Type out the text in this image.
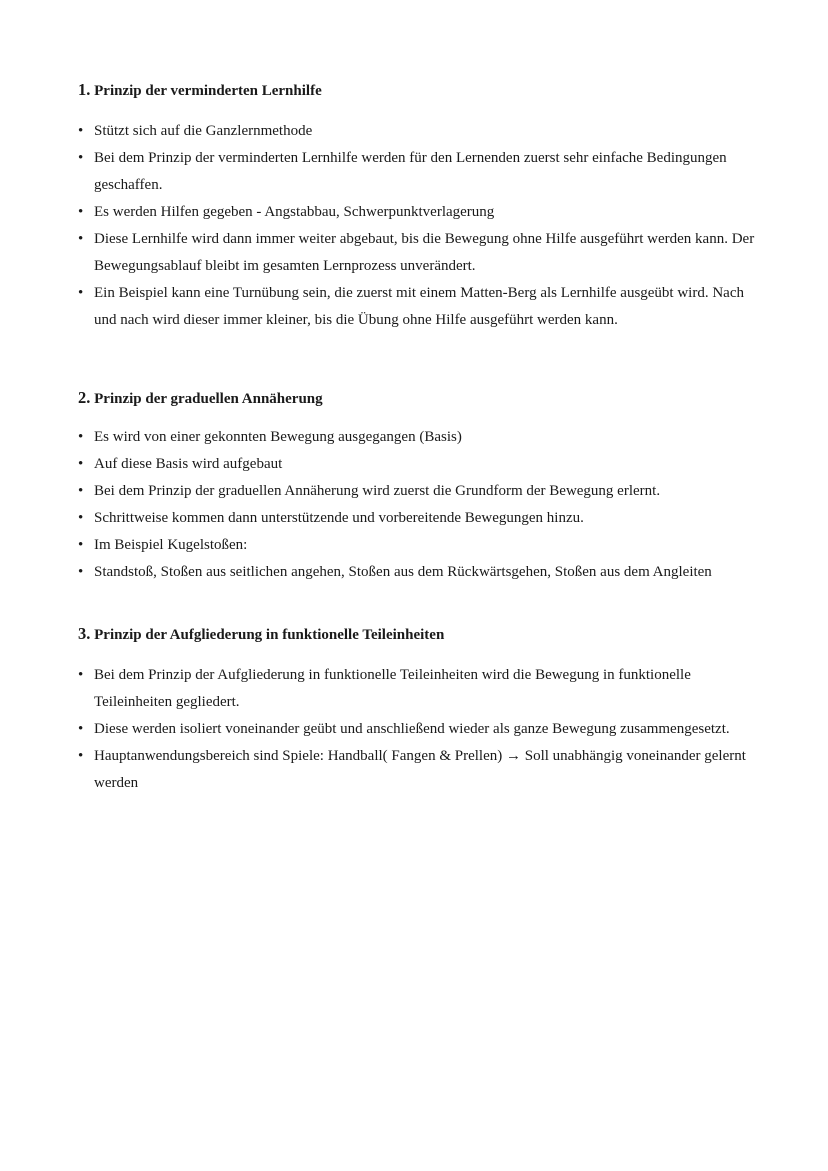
1. Prinzip der verminderten Lernhilfe
• Stützt sich auf die Ganzlernmethode
• Bei dem Prinzip der verminderten Lernhilfe werden für den Lernenden zuerst sehr einfache Bedingungen geschaffen.
• Es werden Hilfen gegeben - Angstabbau, Schwerpunktverlagerung
• Diese Lernhilfe wird dann immer weiter abgebaut, bis die Bewegung ohne Hilfe ausgeführt werden kann. Der Bewegungsablauf bleibt im gesamten Lernprozess unverändert.
• Ein Beispiel kann eine Turnübung sein, die zuerst mit einem Matten-Berg als Lernhilfe ausgeübt wird. Nach und nach wird dieser immer kleiner, bis die Übung ohne Hilfe ausgeführt werden kann.
2. Prinzip der graduellen Annäherung
• Es wird von einer gekonnten Bewegung ausgegangen (Basis)
• Auf diese Basis wird aufgebaut
• Bei dem Prinzip der graduellen Annäherung wird zuerst die Grundform der Bewegung erlernt.
• Schrittweise kommen dann unterstützende und vorbereitende Bewegungen hinzu.
• Im Beispiel Kugelstoßen:
• Standstoß, Stoßen aus seitlichen angehen, Stoßen aus dem Rückwärtsgehen, Stoßen aus dem Angleiten
3. Prinzip der Aufgliederung in funktionelle Teileinheiten
• Bei dem Prinzip der Aufgliederung in funktionelle Teileinheiten wird die Bewegung in funktionelle Teileinheiten gegliedert.
• Diese werden isoliert voneinander geübt und anschließend wieder als ganze Bewegung zusammengesetzt.
• Hauptanwendungsbereich sind Spiele: Handball( Fangen & Prellen) → Soll unabhängig voneinander gelernt werden
